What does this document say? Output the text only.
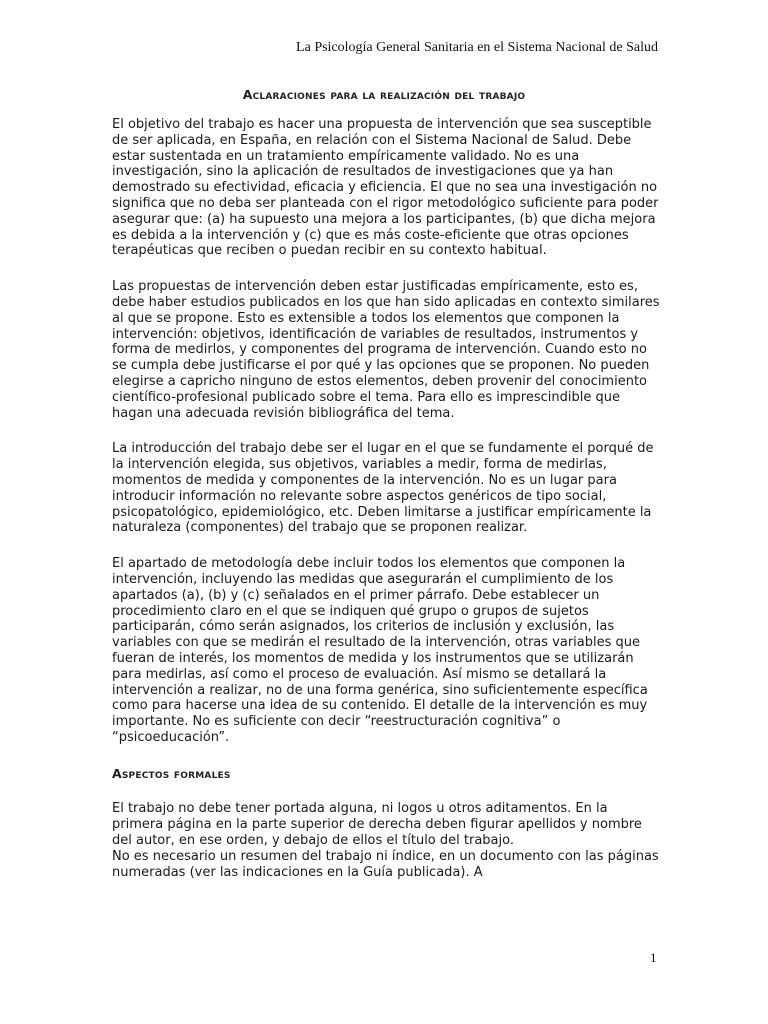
La Psicología General Sanitaria en el Sistema Nacional de Salud
Aclaraciones para la realización del trabajo

El objetivo del trabajo es hacer una propuesta de intervención que sea susceptible de ser aplicada, en España, en relación con el Sistema Nacional de Salud. Debe estar sustentada en un tratamiento empíricamente validado. No es una investigación, sino la aplicación de resultados de investigaciones que ya han demostrado su efectividad, eficacia y eficiencia. El que no sea una investigación no significa que no deba ser planteada con el rigor metodológico suficiente para poder asegurar que: (a) ha supuesto una mejora a los participantes, (b) que dicha mejora es debida a la intervención y (c) que es más coste-eficiente que otras opciones terapéuticas que reciben o puedan recibir en su contexto habitual.

Las propuestas de intervención deben estar justificadas empíricamente, esto es, debe haber estudios publicados en los que han sido aplicadas en contexto similares al que se propone. Esto es extensible a todos los elementos que componen la intervención: objetivos, identificación de variables de resultados, instrumentos y forma de medirlos, y componentes del programa de intervención. Cuando esto no se cumpla debe justificarse el por qué y las opciones que se proponen. No pueden elegirse a capricho ninguno de estos elementos, deben provenir del conocimiento científico-profesional publicado sobre el tema. Para ello es imprescindible que hagan una adecuada revisión bibliográfica del tema.

La introducción del trabajo debe ser el lugar en el que se fundamente el porqué de la intervención elegida, sus objetivos, variables a medir, forma de medirlas, momentos de medida y componentes de la intervención. No es un lugar para introducir información no relevante sobre aspectos genéricos de tipo social, psicopatológico, epidemiológico, etc. Deben limitarse a justificar empíricamente la naturaleza (componentes) del trabajo que se proponen realizar.

El apartado de metodología debe incluir todos los elementos que componen la intervención, incluyendo las medidas que asegurarán el cumplimiento de los apartados (a), (b) y (c) señalados en el primer párrafo. Debe establecer un procedimiento claro en el que se indiquen qué grupo o grupos de sujetos participarán, cómo serán asignados, los criterios de inclusión y exclusión, las variables con que se medirán el resultado de la intervención, otras variables que fueran de interés, los momentos de medida y los instrumentos que se utilizarán para medirlas, así como el proceso de evaluación. Así mismo se detallará la intervención a realizar, no de una forma genérica, sino suficientemente específica como para hacerse una idea de su contenido. El detalle de la intervención es muy importante. No es suficiente con decir “reestructuración cognitiva” o “psicoeducación”.

Aspectos formales

El trabajo no debe tener portada alguna, ni logos u otros aditamentos. En la primera página en la parte superior de derecha deben figurar apellidos y nombre del autor, en ese orden, y debajo de ellos el título del trabajo.
No es necesario un resumen del trabajo ni índice, en un documento con las páginas numeradas (ver las indicaciones en la Guía publicada). A

1
